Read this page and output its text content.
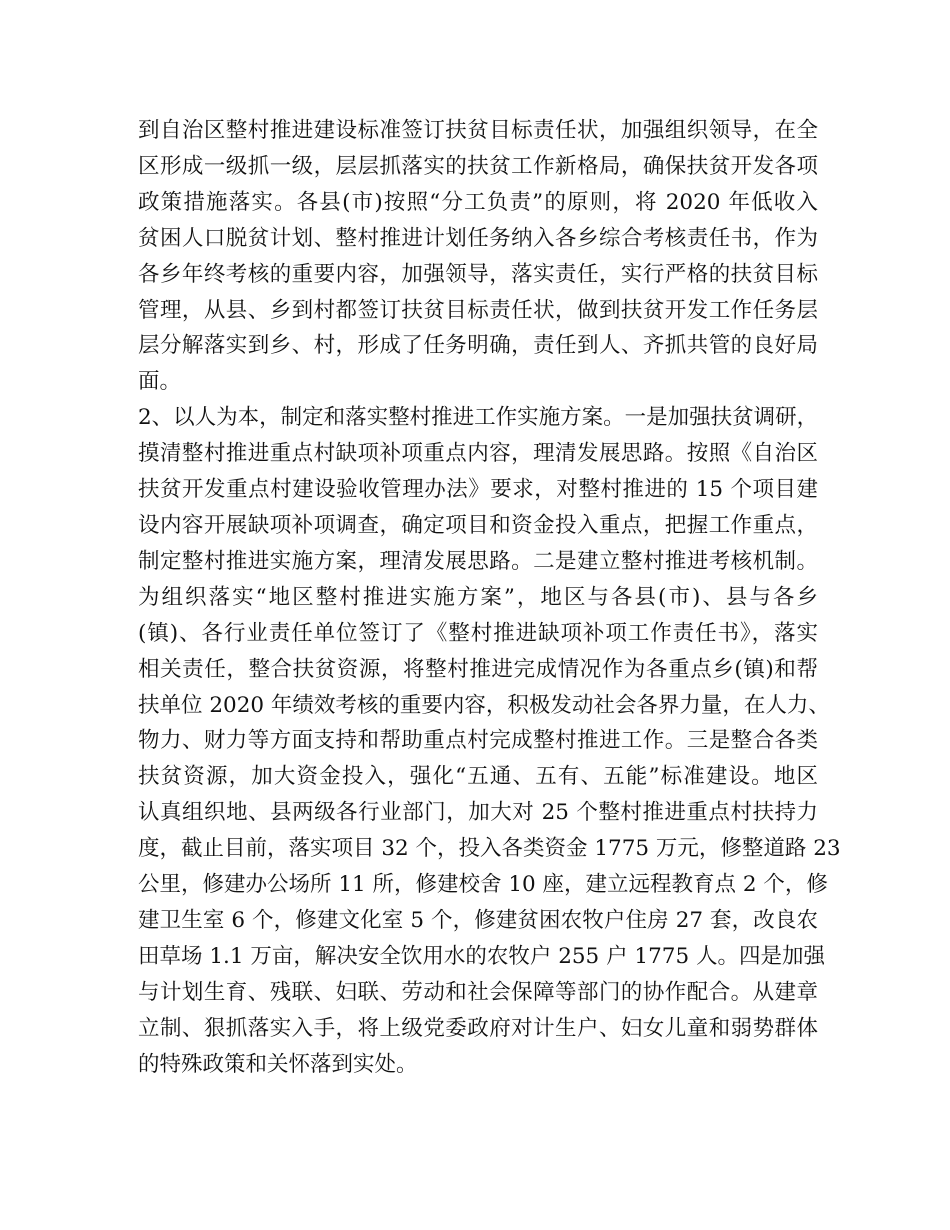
到自治区整村推进建设标准签订扶贫目标责任状，加强组织领导，在全
区形成一级抓一级，层层抓落实的扶贫工作新格局，确保扶贫开发各项
政策措施落实。各县(市)按照“分工负责”的原则，将 2020 年低收入
贫困人口脱贫计划、整村推进计划任务纳入各乡综合考核责任书，作为
各乡年终考核的重要内容，加强领导，落实责任，实行严格的扶贫目标
管理，从县、乡到村都签订扶贫目标责任状，做到扶贫开发工作任务层
层分解落实到乡、村，形成了任务明确，责任到人、齐抓共管的良好局
面。
2、以人为本，制定和落实整村推进工作实施方案。一是加强扶贫调研，
摸清整村推进重点村缺项补项重点内容，理清发展思路。按照《自治区
扶贫开发重点村建设验收管理办法》要求，对整村推进的 15 个项目建
设内容开展缺项补项调查，确定项目和资金投入重点，把握工作重点，
制定整村推进实施方案，理清发展思路。二是建立整村推进考核机制。
为组织落实“地区整村推进实施方案”，地区与各县(市)、县与各乡
(镇)、各行业责任单位签订了《整村推进缺项补项工作责任书》，落实
相关责任，整合扶贫资源，将整村推进完成情况作为各重点乡(镇)和帮
扶单位 2020 年绩效考核的重要内容，积极发动社会各界力量，在人力、
物力、财力等方面支持和帮助重点村完成整村推进工作。三是整合各类
扶贫资源，加大资金投入，强化“五通、五有、五能”标准建设。地区
认真组织地、县两级各行业部门，加大对 25 个整村推进重点村扶持力
度，截止目前，落实项目 32 个，投入各类资金 1775 万元，修整道路 23
公里，修建办公场所 11 所，修建校舍 10 座，建立远程教育点 2 个，修
建卫生室 6 个，修建文化室 5 个，修建贫困农牧户住房 27 套，改良农
田草场 1.1 万亩，解决安全饮用水的农牧户 255 户 1775 人。四是加强
与计划生育、残联、妇联、劳动和社会保障等部门的协作配合。从建章
立制、狠抓落实入手，将上级党委政府对计生户、妇女儿童和弱势群体
的特殊政策和关怀落到实处。
